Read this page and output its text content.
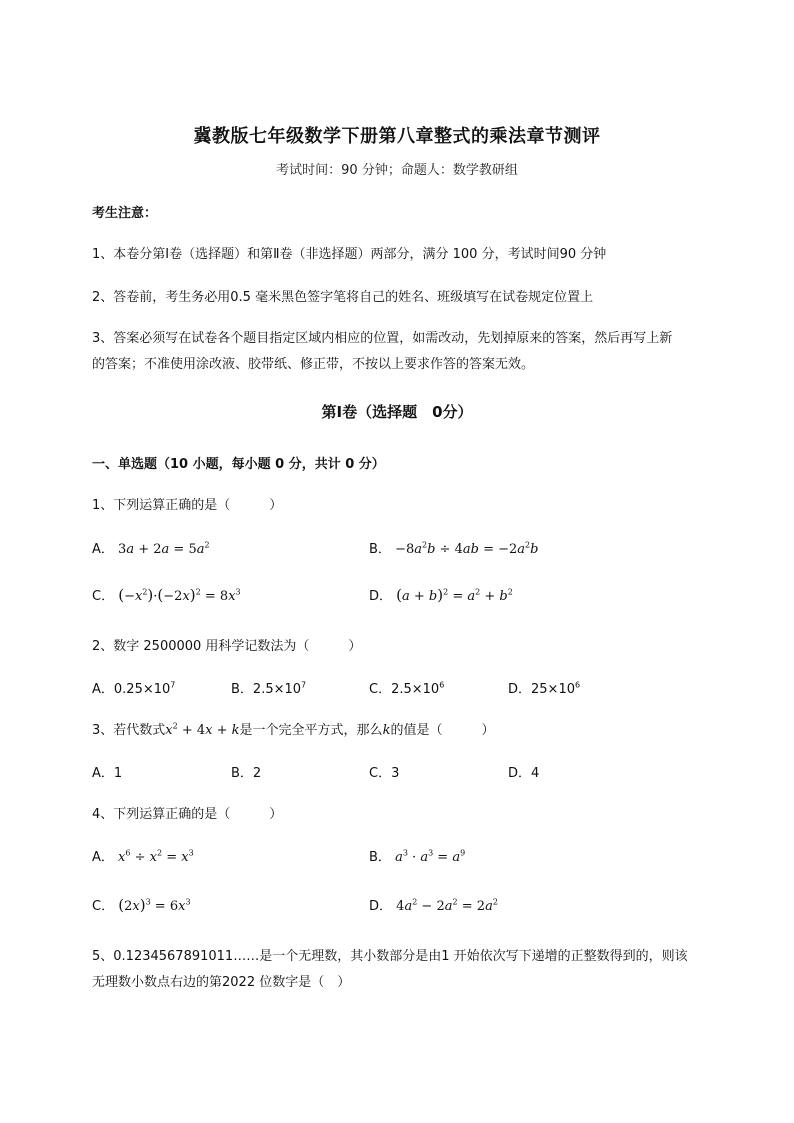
冀教版七年级数学下册第八章整式的乘法章节测评
考试时间：90 分钟；命题人：数学教研组
考生注意：
1、本卷分第Ⅰ卷（选择题）和第Ⅱ卷（非选择题）两部分，满分 100 分，考试时间90 分钟
2、答卷前，考生务必用0.5 毫米黑色签字笔将自己的姓名、班级填写在试卷规定位置上
3、答案必须写在试卷各个题目指定区域内相应的位置，如需改动，先划掉原来的答案，然后再写上新
的答案；不准使用涂改液、胶带纸、修正带，不按以上要求作答的答案无效。
第Ⅰ卷（选择题　0分）
一、单选题（10 小题，每小题 0 分，共计 0 分）
1、下列运算正确的是（　　　）
A． $3a + 2a = 5a^2$	B． $-8a^2b \div 4ab = -2a^2b$
C． $(-x^2)\cdot(-2x)^2 = 8x^3$	D． $(a + b)^2 = a^2 + b^2$
2、数字 2500000 用科学记数法为（　　　）
A．$0.25\times 10^7$	B．$2.5\times 10^7$	C．$2.5\times 10^6$	D．$25\times 10^6$
3、若代数式$x^2 + 4x + k$是一个完全平方式，那么k的值是（　　　）
A．1	B．2	C．3	D．4
4、下列运算正确的是（　　　）
A． $x^6 \div x^2 = x^3$	B． $a^3 \cdot a^3 = a^9$
C． $(2x)^3 = 6x^3$	D． $4a^2 - 2a^2 = 2a^2$
5、0.1234567891011……是一个无理数，其小数部分是由1 开始依次写下递增的正整数得到的，则该
无理数小数点右边的第2022 位数字是（　）
